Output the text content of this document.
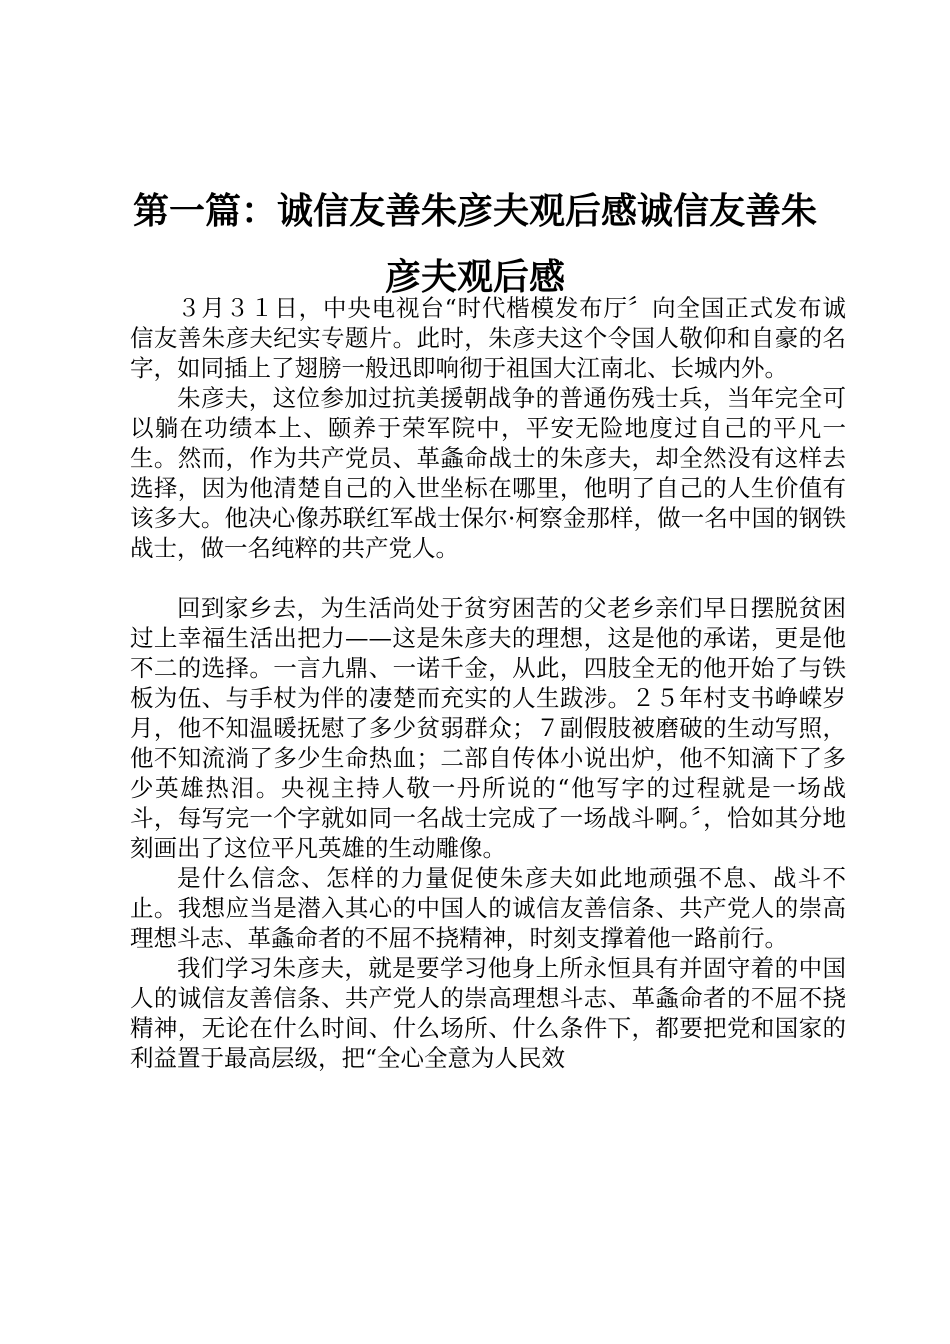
第一篇：诚信友善朱彦夫观后感诚信友善朱彦夫观后感

３月３１日，中央电视台“时代楷模发布厅〞向全国正式发布诚信友善朱彦夫纪实专题片。此时，朱彦夫这个令国人敬仰和自豪的名字，如同插上了翅膀一般迅即响彻于祖国大江南北、长城内外。

朱彦夫，这位参加过抗美援朝战争的普通伤残士兵，当年完全可以躺在功绩本上、颐养于荣军院中，平安无险地度过自己的平凡一生。然而，作为共产党员、革螽命战士的朱彦夫，却全然没有这样去选择，因为他清楚自己的入世坐标在哪里，他明了自己的人生价值有该多大。他决心像苏联红军战士保尔·柯察金那样，做一名中国的钢铁战士，做一名纯粹的共产党人。

回到家乡去，为生活尚处于贫穷困苦的父老乡亲们早日摆脱贫困过上幸福生活出把力——这是朱彦夫的理想，这是他的承诺，更是他不二的选择。一言九鼎、一诺千金，从此，四肢全无的他开始了与铁板为伍、与手杖为伴的凄楚而充实的人生跋涉。２５年村支书峥嵘岁月，他不知温暖抚慰了多少贫弱群众；７副假肢被磨破的生动写照，他不知流淌了多少生命热血；二部自传体小说出炉，他不知滴下了多少英雄热泪。央视主持人敬一丹所说的“他写字的过程就是一场战斗，每写完一个字就如同一名战士完成了一场战斗啊。〞，恰如其分地刻画出了这位平凡英雄的生动雕像。

是什么信念、怎样的力量促使朱彦夫如此地顽强不息、战斗不止。我想应当是潜入其心的中国人的诚信友善信条、共产党人的崇高理想斗志、革螽命者的不屈不挠精神，时刻支撑着他一路前行。

我们学习朱彦夫，就是要学习他身上所永恒具有并固守着的中国人的诚信友善信条、共产党人的崇高理想斗志、革螽命者的不屈不挠精神，无论在什么时间、什么场所、什么条件下，都要把党和国家的利益置于最高层级，把“全心全意为人民效
